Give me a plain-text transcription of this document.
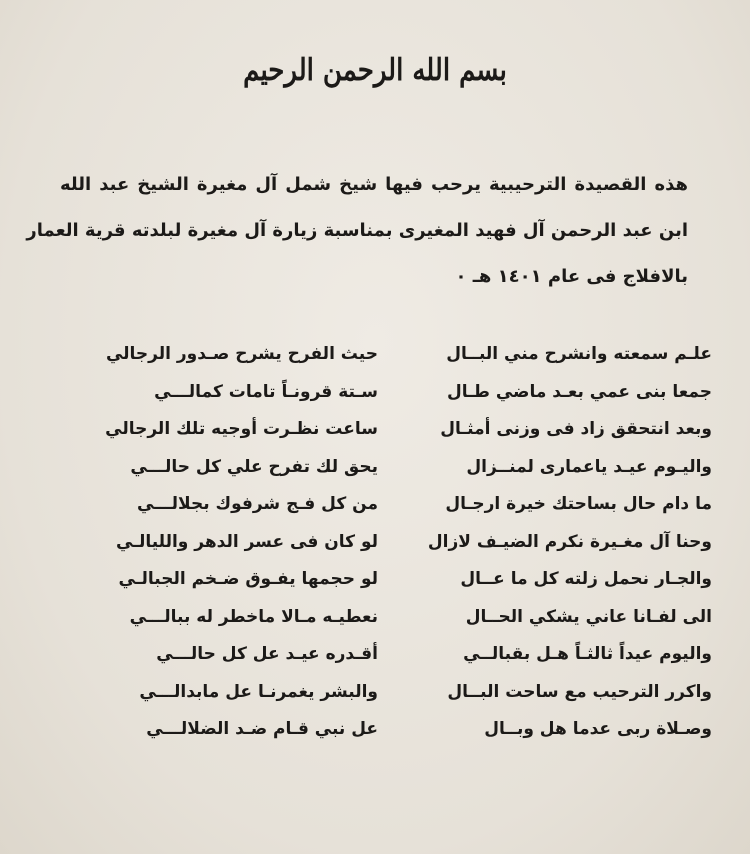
بسم الله الرحمن الرحيم
هذه القصيدة الترحيبية يرحب فيها شيخ شمل آل مغيرة الشيخ عبد الله
ابن عبد الرحمن آل فهيد المغيرى بمناسبة زيارة آل مغيرة لبلدته قرية العمار
بالافلاج فى عام ١٤٠١ هـ ٠
علـم سمعته وانشرح مني البــال
حيث الفرح يشرح صـدور الرجالي
جمعا بنى عمي بعـد ماضي طـال
سـتة قرونـاً تامات كمالـــي
وبعد انتحقق زاد فى وزنى أمثـال
ساعت نظـرت أوجيه تلك الرجالي
واليـوم عيـد ياعمارى لمنــزال
يحق لك تفرح علي كل حالـــي
ما دام حال بساحتك خيرة ارجـال
من كل فـج شرفوك بجلالـــي
وحنا آل مغـيرة نكرم الضيـف لازال
لو كان فى عسر الدهر والليالـي
والجـار نحمل زلته كل ما عــال
لو حجمها يفـوق ضـخم الجبالـي
الى لفـانا عاني يشكي الحــال
نعطيـه مـالا ماخطر له ببالـــي
واليوم عيداً ثالثـاً هـل بقبالــي
أقـدره عيـد عل كل حالـــي
واكرر الترحيب مع ساحت البــال
والبشر يغمرنـا عل مابدالـــي
وصـلاة ربى عدما هل وبــال
عل نبي قـام ضـد الضلالـــي
